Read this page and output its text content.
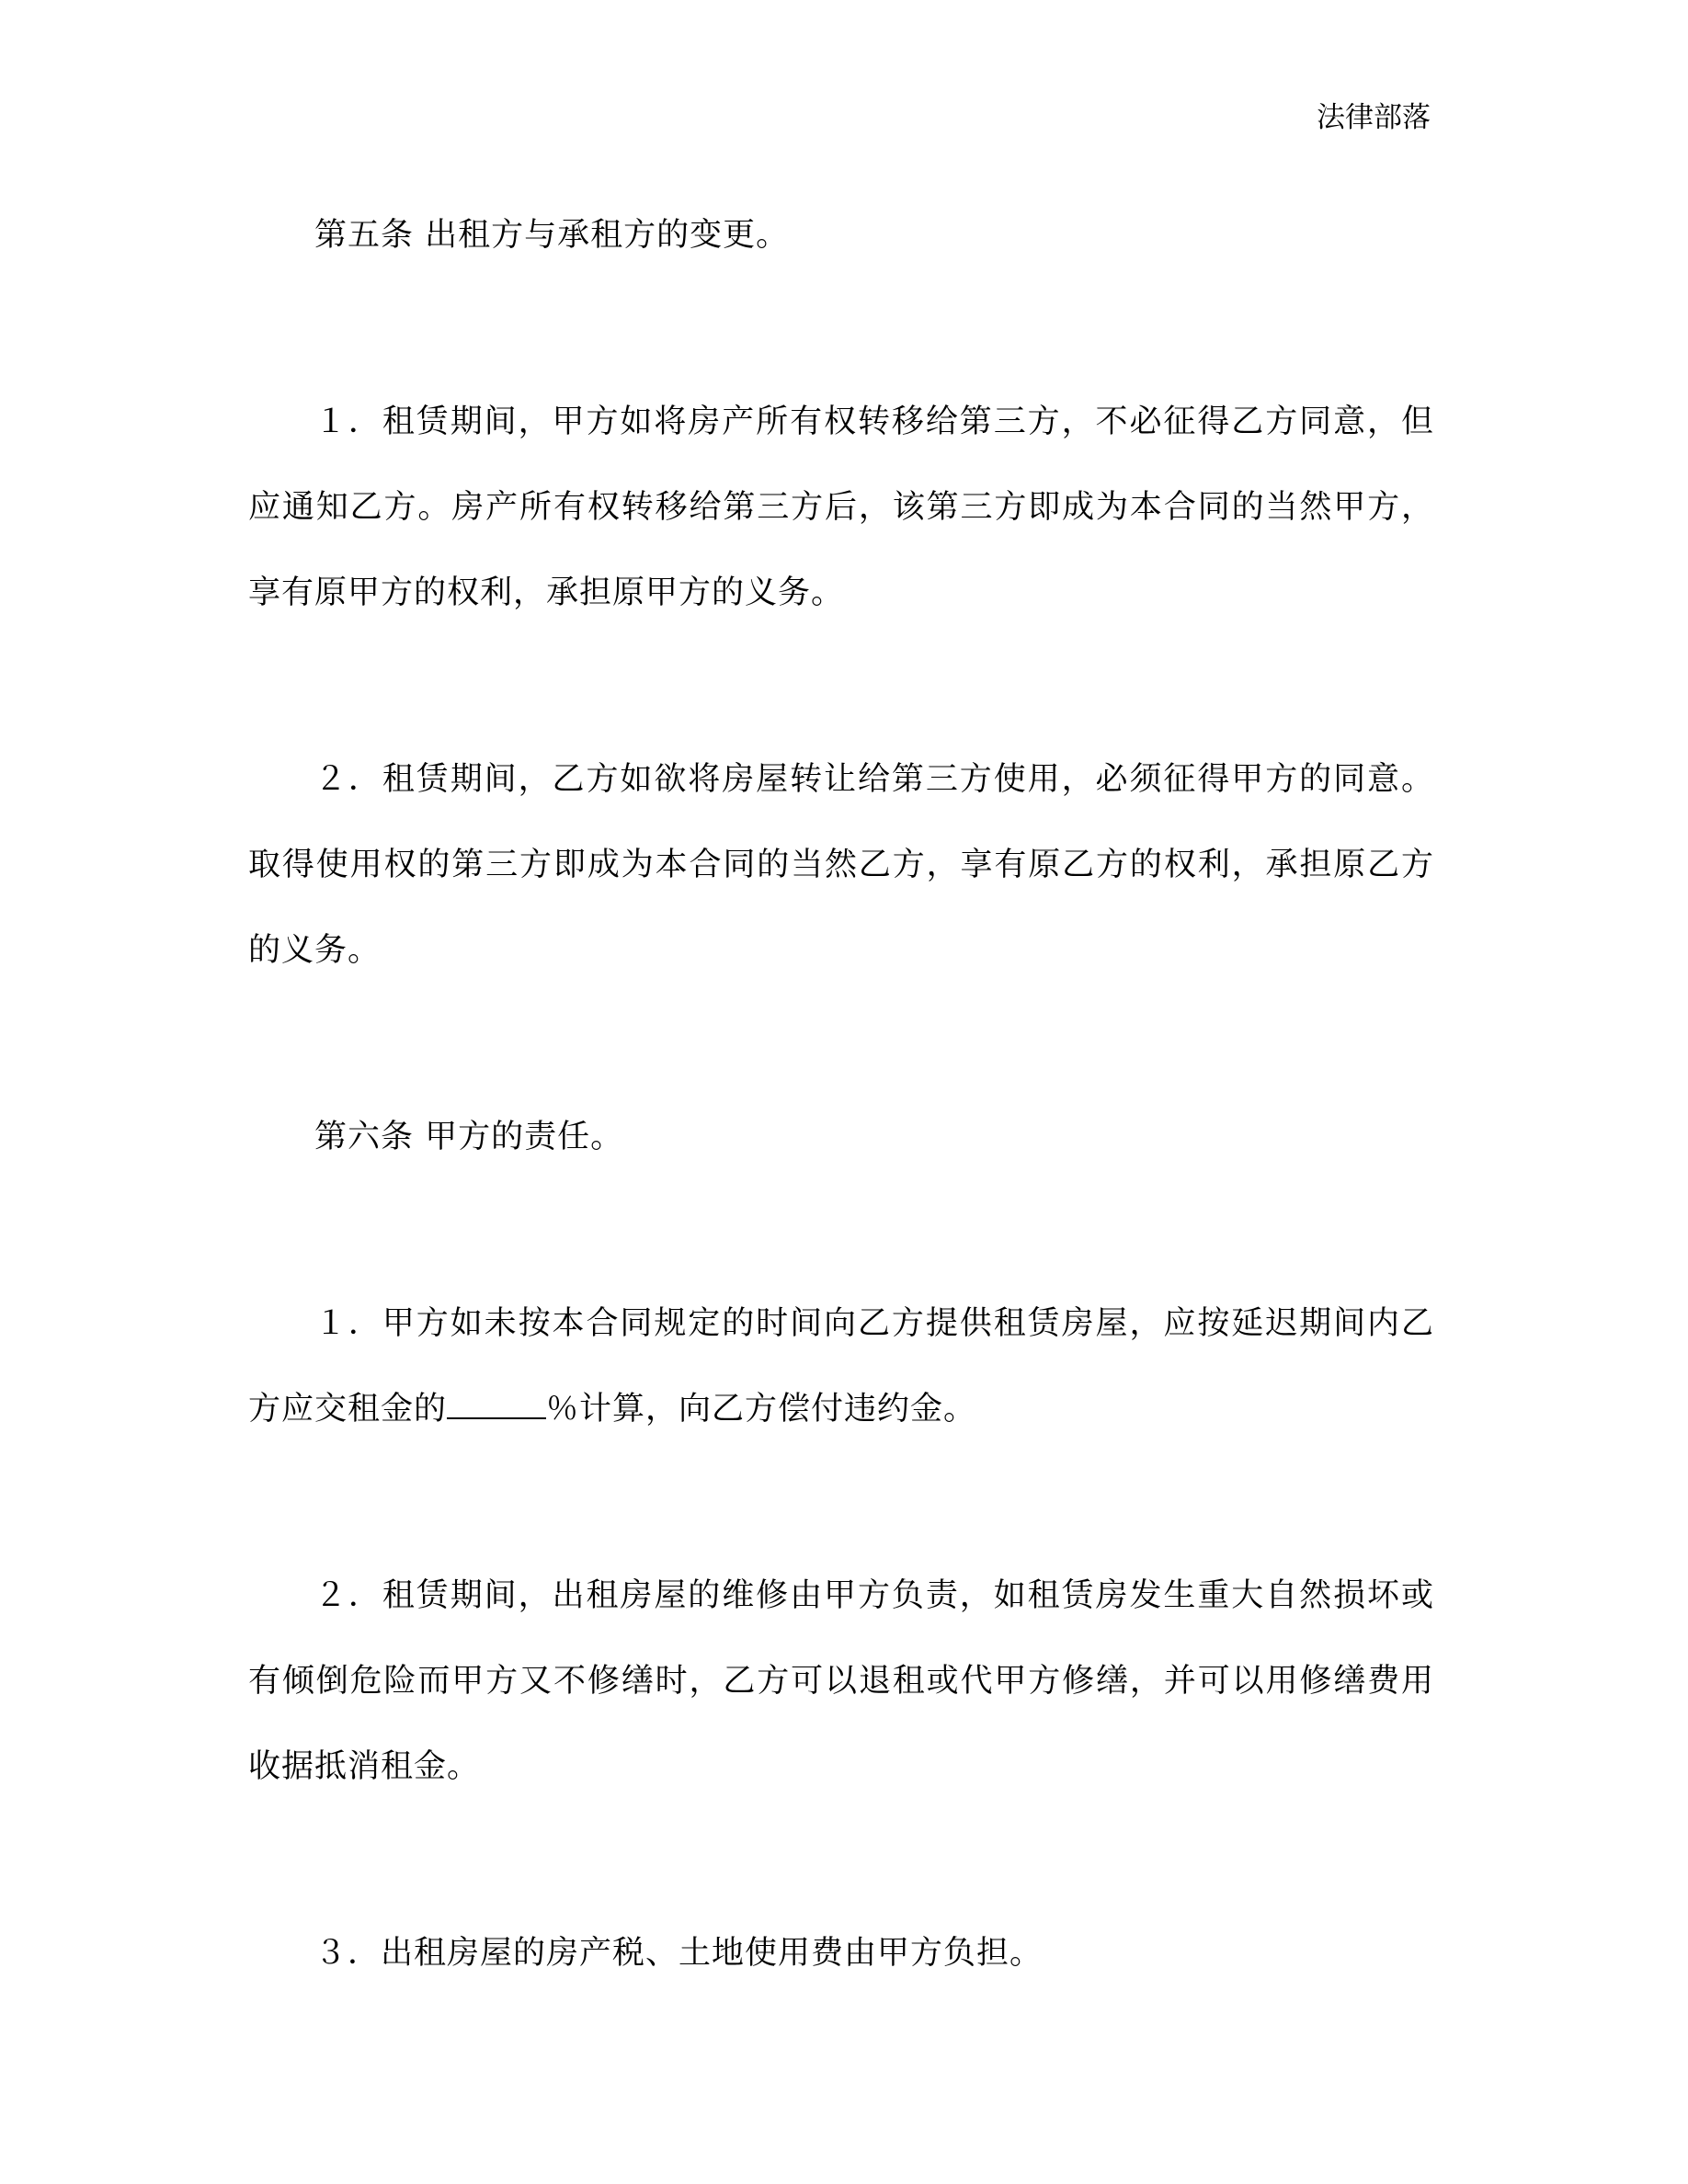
法律部落

第五条 出租方与承租方的变更。

１．租赁期间，甲方如将房产所有权转移给第三方，不必征得乙方同意，但应通知乙方。房产所有权转移给第三方后，该第三方即成为本合同的当然甲方，享有原甲方的权利，承担原甲方的义务。

２．租赁期间，乙方如欲将房屋转让给第三方使用，必须征得甲方的同意。取得使用权的第三方即成为本合同的当然乙方，享有原乙方的权利，承担原乙方的义务。

第六条 甲方的责任。

１．甲方如未按本合同规定的时间向乙方提供租赁房屋，应按延迟期间内乙方应交租金的	％计算，向乙方偿付违约金。

２．租赁期间，出租房屋的维修由甲方负责，如租赁房发生重大自然损坏或有倾倒危险而甲方又不修缮时，乙方可以退租或代甲方修缮，并可以用修缮费用收据抵消租金。

３．出租房屋的房产税、土地使用费由甲方负担。
